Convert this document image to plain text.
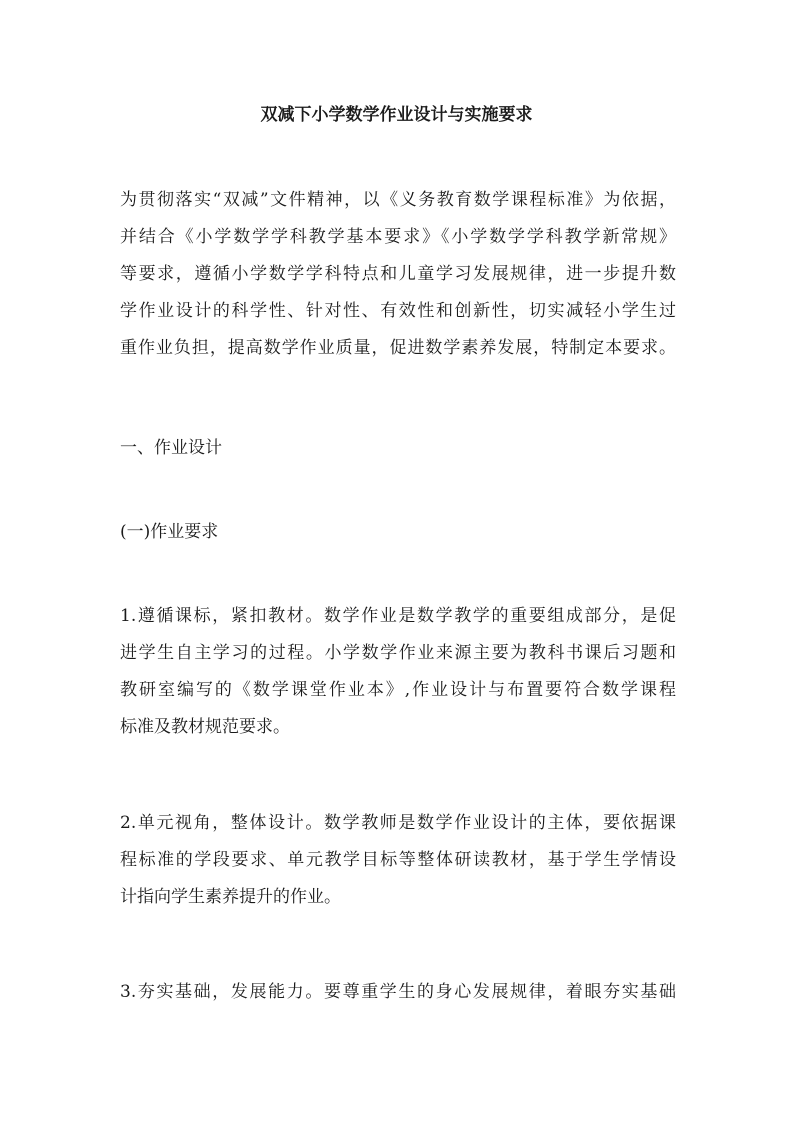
双减下小学数学作业设计与实施要求

为贯彻落实“双减”文件精神，以《义务教育数学课程标准》为依据，
并结合《小学数学学科教学基本要求》《小学数学学科教学新常规》
等要求，遵循小学数学学科特点和儿童学习发展规律，进一步提升数
学作业设计的科学性、针对性、有效性和创新性，切实减轻小学生过
重作业负担，提高数学作业质量，促进数学素养发展，特制定本要求。

一、作业设计
(一)作业要求

1.遵循课标，紧扣教材。数学作业是数学教学的重要组成部分，是促
进学生自主学习的过程。小学数学作业来源主要为教科书课后习题和
教研室编写的《数学课堂作业本》,作业设计与布置要符合数学课程
标准及教材规范要求。

2.单元视角，整体设计。数学教师是数学作业设计的主体，要依据课
程标准的学段要求、单元教学目标等整体研读教材，基于学生学情设
计指向学生素养提升的作业。

3.夯实基础，发展能力。要尊重学生的身心发展规律，着眼夯实基础
